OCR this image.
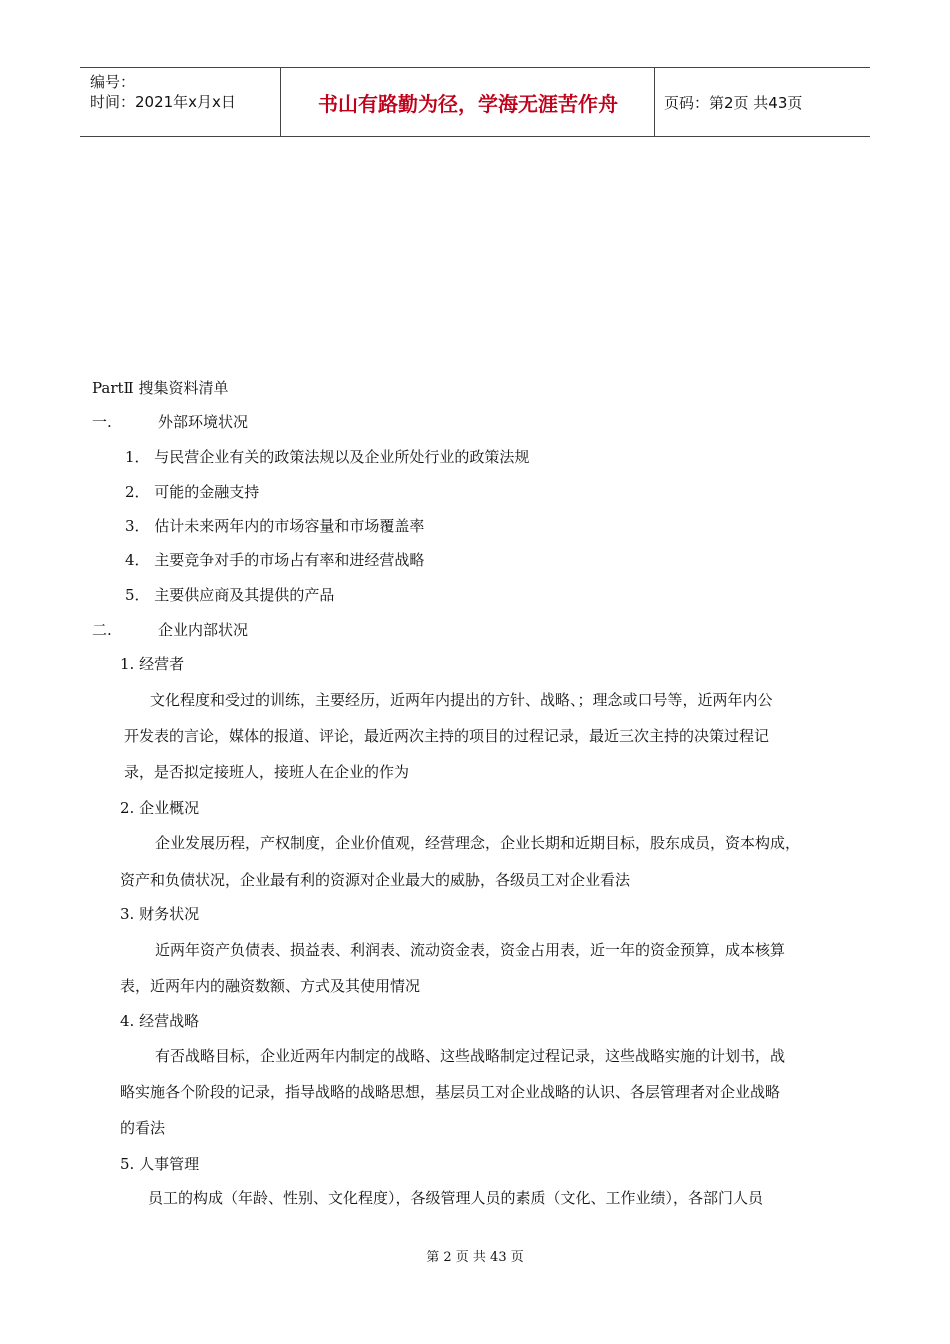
编号：
时间：2021年x月x日	书山有路勤为径，学海无涯苦作舟	页码：第2页 共43页
PartⅡ 搜集资料清单
一.	外部环境状况
1． 与民营企业有关的政策法规以及企业所处行业的政策法规
2． 可能的金融支持
3． 估计未来两年内的市场容量和市场覆盖率
4． 主要竞争对手的市场占有率和进经营战略
5． 主要供应商及其提供的产品
二.	企业内部状况
1. 经营者
文化程度和受过的训练，主要经历，近两年内提出的方针、战略、；理念或口号等，近两年内公
开发表的言论，媒体的报道、评论，最近两次主持的项目的过程记录，最近三次主持的决策过程记
录，是否拟定接班人，接班人在企业的作为
2. 企业概况
企业发展历程，产权制度，企业价值观，经营理念，企业长期和近期目标，股东成员，资本构成，
资产和负债状况，企业最有利的资源对企业最大的威胁，各级员工对企业看法
3. 财务状况
近两年资产负债表、损益表、利润表、流动资金表，资金占用表，近一年的资金预算，成本核算
表，近两年内的融资数额、方式及其使用情况
4. 经营战略
有否战略目标，企业近两年内制定的战略、这些战略制定过程记录，这些战略实施的计划书，战
略实施各个阶段的记录，指导战略的战略思想，基层员工对企业战略的认识、各层管理者对企业战略
的看法
5. 人事管理
员工的构成（年龄、性别、文化程度），各级管理人员的素质（文化、工作业绩），各部门人员
第 2 页 共 43 页
